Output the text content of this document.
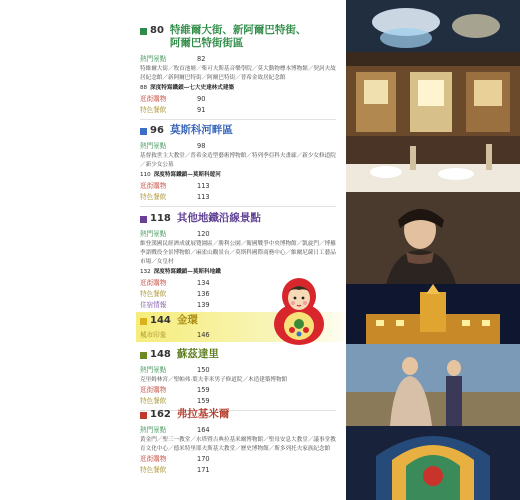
80 特維爾大街、新阿爾巴特街、
阿爾巴特街街區
熱門景點	82
特維爾大街／牧首池塘／柴可夫斯基音樂學院／莫大動物標本博物館／契訶夫故居紀念館／新阿爾巴特街／阿爾巴特街／普希金故居紀念館
88 深度特寫鐵鎖—七大史達林式建築
逛街購物	90
特色餐飲	91
96 莫斯科河畔區
熱門景點	98
基督救世主大教堂／普希金造型藝術博物館／特列季亞科夫畫廊／新少女修道院／新少女公墓
110 深度特寫鐵鎖—莫斯科遊河
逛街購物	113
特色餐飲	113
118 其他地鐵沿線景點
熱門景點	120
維登漢國民經濟成就展覽園區／勝利公園／衛國戰爭中央博物館／凱旋門／博羅季諾戰役全景博物館／麻雀山觀景台／莫斯科國際商務中心／維爾尼薩日工藝品市場／女皇村
132 深度特寫鐵鎖—莫斯科地鐵
逛街購物	134
特色餐飲	136
住宿情報	139
144 金環
城市印象	146
148 蘇茲達里
熱門景點	150
克里姆林宮／聖帕弗‧葉夫菲米男子修道院／木造建築博物館
逛街購物	159
特色餐飲	159
162 弗拉基米爾
熱門景點	164
黃金門／聖三一教堂／水塔暨古典拉基米爾博物館／聖母安息大教堂／議事堂教育文化中心／德米特里耶夫斯基大教堂／歷史博物館／斯多列托夫家族紀念館
逛街購物	170
特色餐飲	171
